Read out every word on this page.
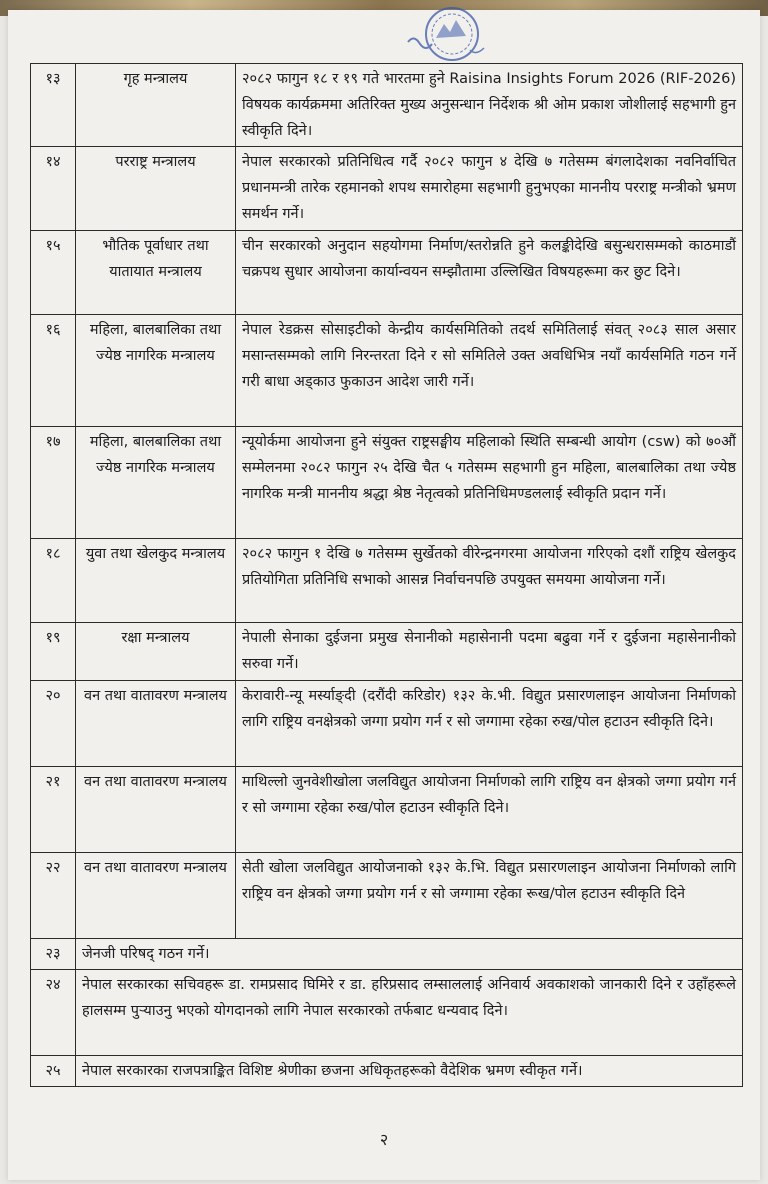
१३	गृह मन्त्रालय	२०८२ फागुन १८ र १९ गते भारतमा हुने Raisina Insights Forum 2026 (RIF-2026) विषयक कार्यक्रममा अतिरिक्त मुख्य अनुसन्धान निर्देशक श्री ओम प्रकाश जोशीलाई सहभागी हुन स्वीकृति दिने।
१४	परराष्ट्र मन्त्रालय	नेपाल सरकारको प्रतिनिधित्व गर्दै २०८२ फागुन ४ देखि ७ गतेसम्म बंगलादेशका नवनिर्वाचित प्रधानमन्त्री तारेक रहमानको शपथ समारोहमा सहभागी हुनुभएका माननीय परराष्ट्र मन्त्रीको भ्रमण समर्थन गर्ने।
१५	भौतिक पूर्वाधार तथा यातायात मन्त्रालय	चीन सरकारको अनुदान सहयोगमा निर्माण/स्तरोन्नति हुने कलङ्कीदेखि बसुन्धरासम्मको काठमाडौं चक्रपथ सुधार आयोजना कार्यान्वयन सम्झौतामा उल्लिखित विषयहरूमा कर छुट दिने।
१६	महिला, बालबालिका तथा ज्येष्ठ नागरिक मन्त्रालय	नेपाल रेडक्रस सोसाइटीको केन्द्रीय कार्यसमितिको तदर्थ समितिलाई संवत् २०८३ साल असार मसान्तसम्मको लागि निरन्तरता दिने र सो समितिले उक्त अवधिभित्र नयाँ कार्यसमिति गठन गर्ने गरी बाधा अड्काउ फुकाउन आदेश जारी गर्ने।
१७	महिला, बालबालिका तथा ज्येष्ठ नागरिक मन्त्रालय	न्यूयोर्कमा आयोजना हुने संयुक्त राष्ट्रसङ्घीय महिलाको स्थिति सम्बन्धी आयोग (csw) को ७०औं सम्मेलनमा २०८२ फागुन २५ देखि चैत ५ गतेसम्म सहभागी हुन महिला, बालबालिका तथा ज्येष्ठ नागरिक मन्त्री माननीय श्रद्धा श्रेष्ठ नेतृत्वको प्रतिनिधिमण्डललाई स्वीकृति प्रदान गर्ने।
१८	युवा तथा खेलकुद मन्त्रालय	२०८२ फागुन १ देखि ७ गतेसम्म सुर्खेतको वीरेन्द्रनगरमा आयोजना गरिएको दशौं राष्ट्रिय खेलकुद प्रतियोगिता प्रतिनिधि सभाको आसन्न निर्वाचनपछि उपयुक्त समयमा आयोजना गर्ने।
१९	रक्षा मन्त्रालय	नेपाली सेनाका दुईजना प्रमुख सेनानीको महासेनानी पदमा बढुवा गर्ने र दुईजना महासेनानीको सरुवा गर्ने।
२०	वन तथा वातावरण मन्त्रालय	केरावारी-न्यू मर्स्याङ्दी (दरौंदी करिडोर) १३२ के.भी. विद्युत प्रसारणलाइन आयोजना निर्माणको लागि राष्ट्रिय वनक्षेत्रको जग्गा प्रयोग गर्न र सो जग्गामा रहेका रुख/पोल हटाउन स्वीकृति दिने।
२१	वन तथा वातावरण मन्त्रालय	माथिल्लो जुनवेशीखोला जलविद्युत आयोजना निर्माणको लागि राष्ट्रिय वन क्षेत्रको जग्गा प्रयोग गर्न र सो जग्गामा रहेका रुख/पोल हटाउन स्वीकृति दिने।
२२	वन तथा वातावरण मन्त्रालय	सेती खोला जलविद्युत आयोजनाको १३२ के.भि. विद्युत प्रसारणलाइन आयोजना निर्माणको लागि राष्ट्रिय वन क्षेत्रको जग्गा प्रयोग गर्न र सो जग्गामा रहेका रूख/पोल हटाउन स्वीकृति दिने
२३	जेनजी परिषद् गठन गर्ने।	
२४	नेपाल सरकारका सचिवहरू डा. रामप्रसाद घिमिरे र डा. हरिप्रसाद लम्साललाई अनिवार्य अवकाशको जानकारी दिने र उहाँहरूले हालसम्म पुऱ्याउनु भएको योगदानको लागि नेपाल सरकारको तर्फबाट धन्यवाद दिने।	
२५	नेपाल सरकारका राजपत्राङ्कित विशिष्ट श्रेणीका छजना अधिकृतहरूको वैदेशिक भ्रमण स्वीकृत गर्ने।	
२
